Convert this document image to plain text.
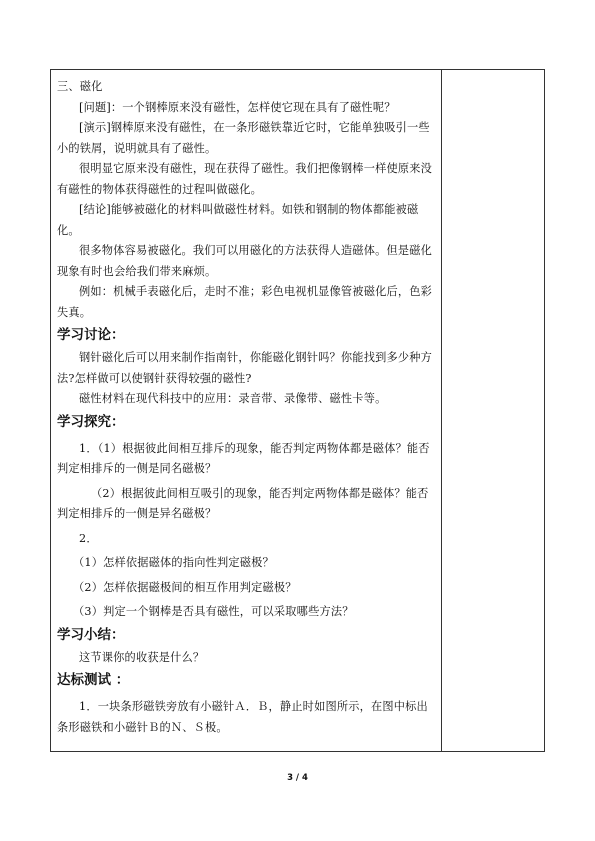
三、磁化

[问题]：一个钢棒原来没有磁性，怎样使它现在具有了磁性呢？

[演示]钢棒原来没有磁性，在一条形磁铁靠近它时，它能单独吸引一些小的铁屑，说明就具有了磁性。

很明显它原来没有磁性，现在获得了磁性。我们把像钢棒一样使原来没有磁性的物体获得磁性的过程叫做磁化。

[结论]能够被磁化的材料叫做磁性材料。如铁和钢制的物体都能被磁化。

很多物体容易被磁化。我们可以用磁化的方法获得人造磁体。但是磁化现象有时也会给我们带来麻烦。

例如：机械手表磁化后，走时不准；彩色电视机显像管被磁化后，色彩失真。

学习讨论：

钢针磁化后可以用来制作指南针，你能磁化钢针吗？你能找到多少种方法?怎样做可以使钢针获得较强的磁性?

磁性材料在现代科技中的应用：录音带、录像带、磁性卡等。

学习探究：

1．（1）根据彼此间相互排斥的现象，能否判定两物体都是磁体？能否判定相排斥的一侧是同名磁极？

（2）根据彼此间相互吸引的现象，能否判定两物体都是磁体？能否判定相排斥的一侧是异名磁极？

2．

（1）怎样依据磁体的指向性判定磁极？

（2）怎样依据磁极间的相互作用判定磁极？

（3）判定一个钢棒是否具有磁性，可以采取哪些方法？

学习小结：

这节课你的收获是什么？

达标测试 ：

1．一块条形磁铁旁放有小磁针Ａ．Ｂ，静止时如图所示，在图中标出条形磁铁和小磁针Ｂ的Ｎ、Ｓ极。

3 / 4
